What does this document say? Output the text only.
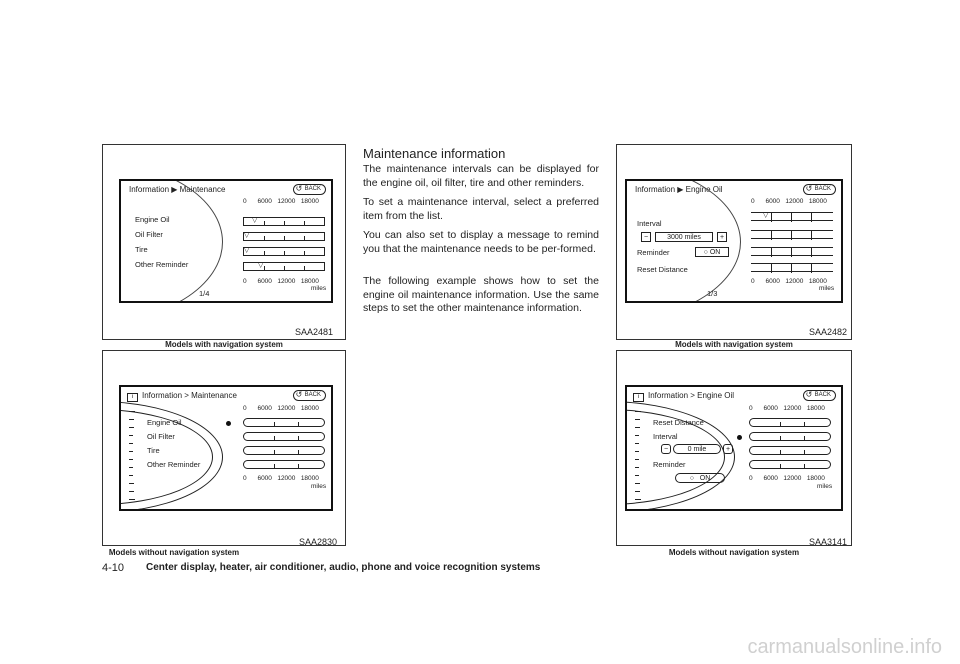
Information ▶ Maintenance	↺ BACK
Engine Oil
Oil Filter
Tire
Other Reminder
1/4
0      6000   12000   18000
▽
▽
▽
▽
0      6000   12000   18000
miles
SAA2481
Models with navigation system
i Information > Maintenance	↺ BACK
Engine Oil
Oil Filter
Tire
Other Reminder
0      6000   12000   18000
0      6000   12000   18000
miles
SAA2830
Models without navigation system
Maintenance information
The maintenance intervals can be displayed for the engine oil, oil filter, tire and other reminders.
To set a maintenance interval, select a preferred item from the list.
You can also set to display a message to remind you that the maintenance needs to be per-formed.
The following example shows how to set the engine oil maintenance information. Use the same steps to set the other maintenance information.
Information ▶ Engine Oil	↺ BACK
Interval
−	3000 miles	+
Reminder	○ ON
Reset Distance
1/3
0      6000   12000   18000
▽
0      6000   12000   18000
miles
SAA2482
Models with navigation system
i Information > Engine Oil	↺ BACK
Reset Distance
Interval
−	0 mile	+
Reminder
○ ON
0      6000   12000   18000
0      6000   12000   18000
miles
SAA3141
Models without navigation system
4-10 Center display, heater, air conditioner, audio, phone and voice recognition systems
carmanualsonline.info
